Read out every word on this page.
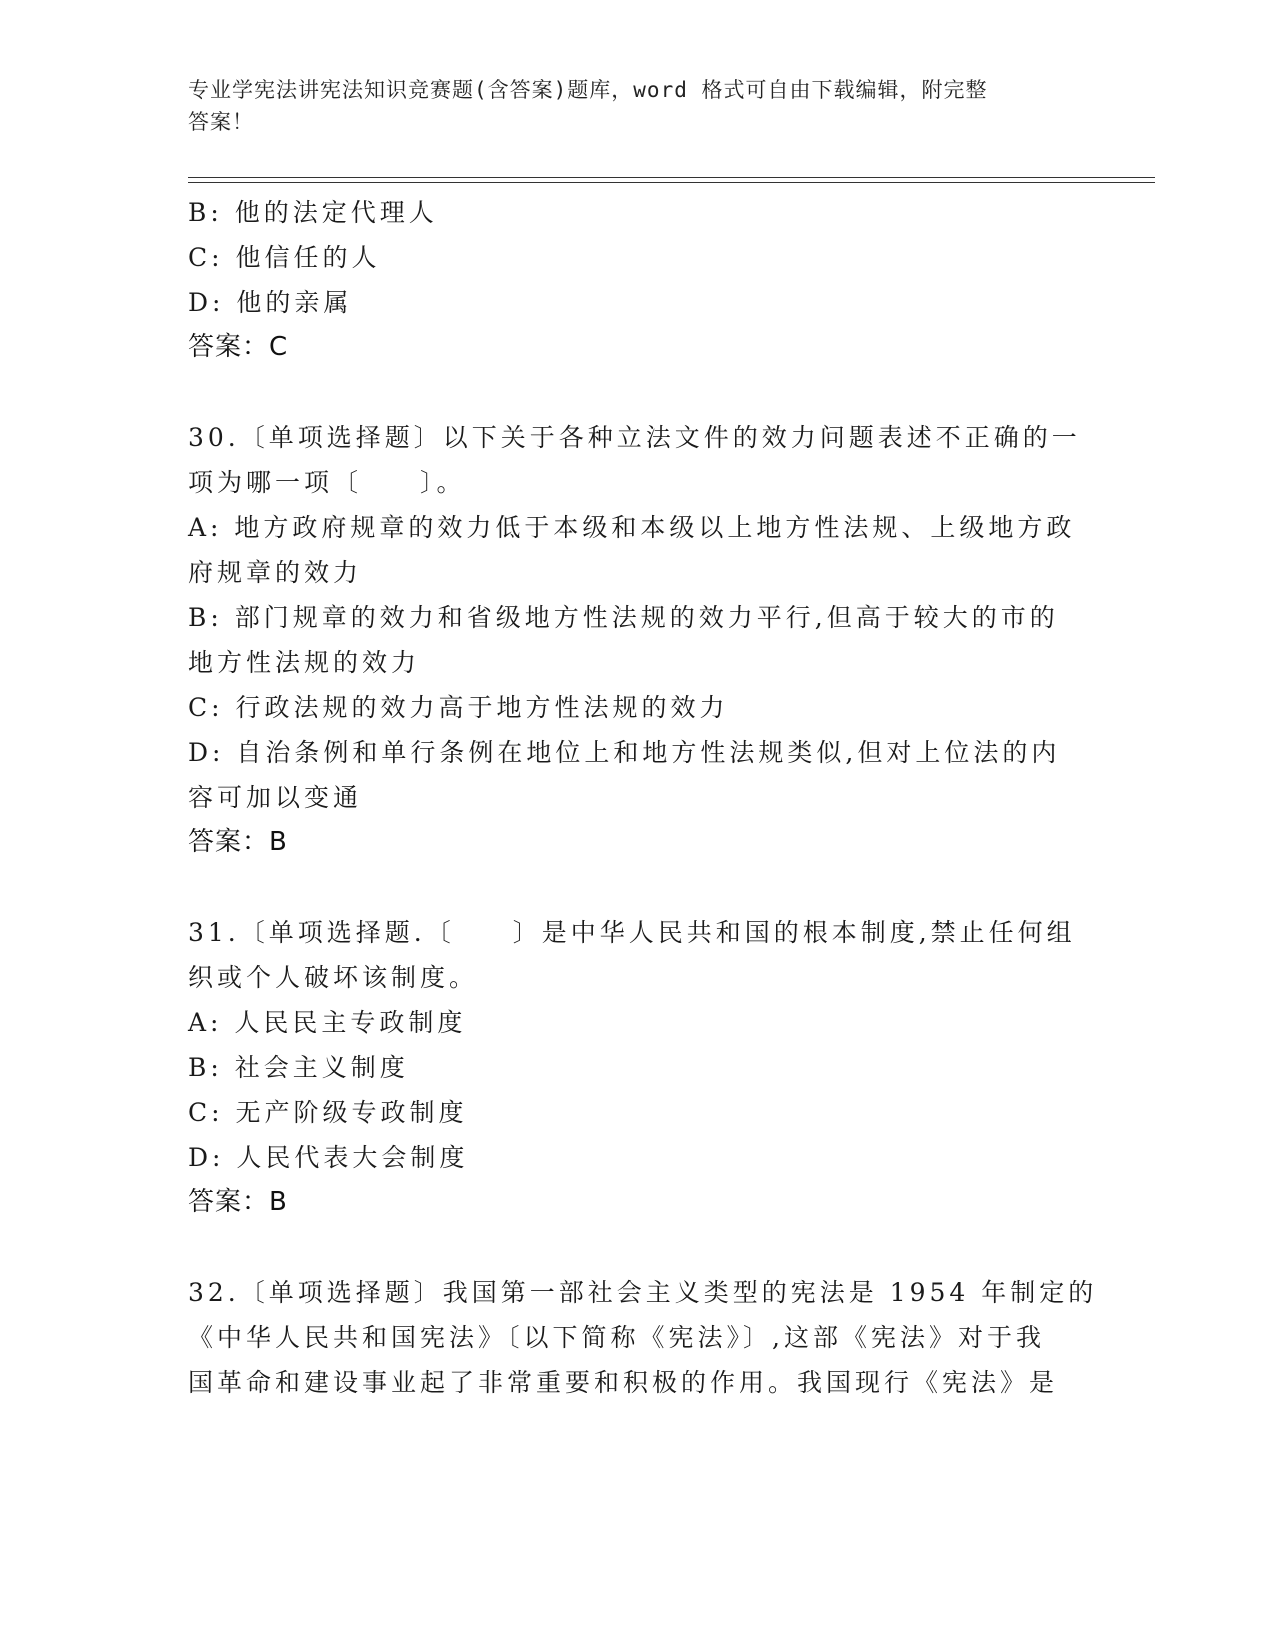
专业学宪法讲宪法知识竞赛题(含答案)题库，word 格式可自由下载编辑，附完整
答案！
B: 他的法定代理人
C: 他信任的人
D: 他的亲属
答案：C
30.〔单项选择题〕以下关于各种立法文件的效力问题表述不正确的一
项为哪一项〔　　〕。
A: 地方政府规章的效力低于本级和本级以上地方性法规、上级地方政
府规章的效力
B: 部门规章的效力和省级地方性法规的效力平行,但高于较大的市的
地方性法规的效力
C: 行政法规的效力高于地方性法规的效力
D: 自治条例和单行条例在地位上和地方性法规类似,但对上位法的内
容可加以变通
答案：B
31.〔单项选择题.〔　　〕是中华人民共和国的根本制度,禁止任何组
织或个人破坏该制度。
A: 人民民主专政制度
B: 社会主义制度
C: 无产阶级专政制度
D: 人民代表大会制度
答案：B
32.〔单项选择题〕我国第一部社会主义类型的宪法是 1954 年制定的
《中华人民共和国宪法》〔以下简称《宪法》〕,这部《宪法》对于我
国革命和建设事业起了非常重要和积极的作用。我国现行《宪法》是
